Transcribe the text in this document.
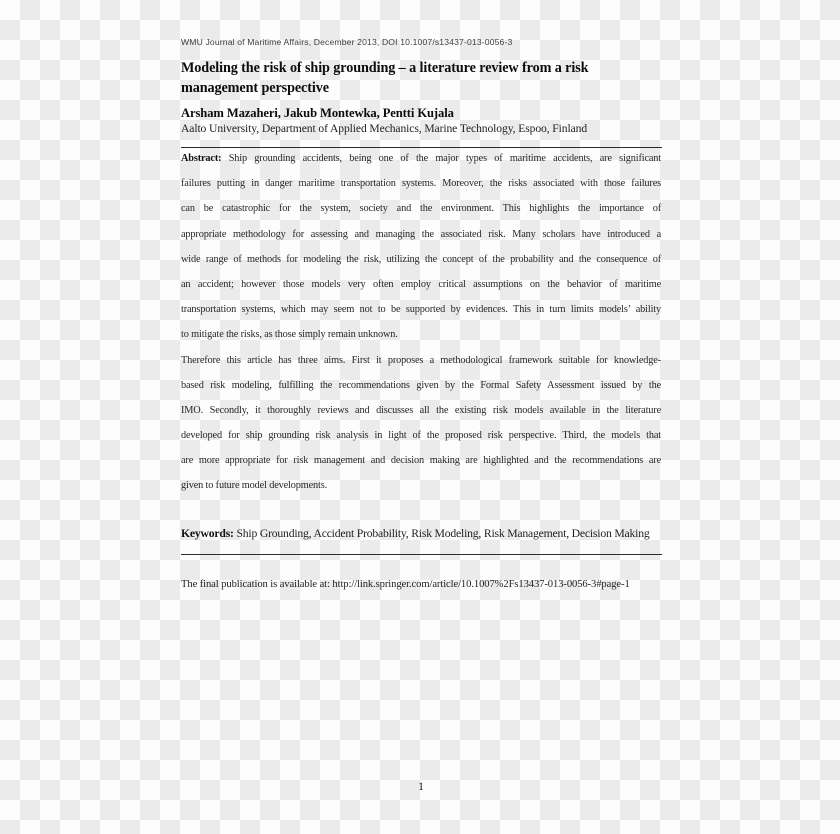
WMU Journal of Maritime Affairs, December 2013, DOI 10.1007/s13437-013-0056-3
Modeling the risk of ship grounding – a literature review from a risk
management perspective
Arsham Mazaheri, Jakub Montewka, Pentti Kujala
Aalto University, Department of Applied Mechanics, Marine Technology, Espoo, Finland
Abstract: Ship grounding accidents, being one of the major types of maritime accidents, are significant
failures putting in danger maritime transportation systems. Moreover, the risks associated with those failures
can be catastrophic for the system, society and the environment. This highlights the importance of
appropriate methodology for assessing and managing the associated risk. Many scholars have introduced a
wide range of methods for modeling the risk, utilizing the concept of the probability and the consequence of
an accident; however those models very often employ critical assumptions on the behavior of maritime
transportation systems, which may seem not to be supported by evidences. This in turn limits models’ ability
to mitigate the risks, as those simply remain unknown.
Therefore this article has three aims. First it proposes a methodological framework suitable for knowledge-
based risk modeling, fulfilling the recommendations given by the Formal Safety Assessment issued by the
IMO. Secondly, it thoroughly reviews and discusses all the existing risk models available in the literature
developed for ship grounding risk analysis in light of the proposed risk perspective. Third, the models that
are more appropriate for risk management and decision making are highlighted and the recommendations are
given to future model developments.
Keywords: Ship Grounding, Accident Probability, Risk Modeling, Risk Management, Decision Making
The final publication is available at: http://link.springer.com/article/10.1007%2Fs13437-013-0056-3#page-1
1
